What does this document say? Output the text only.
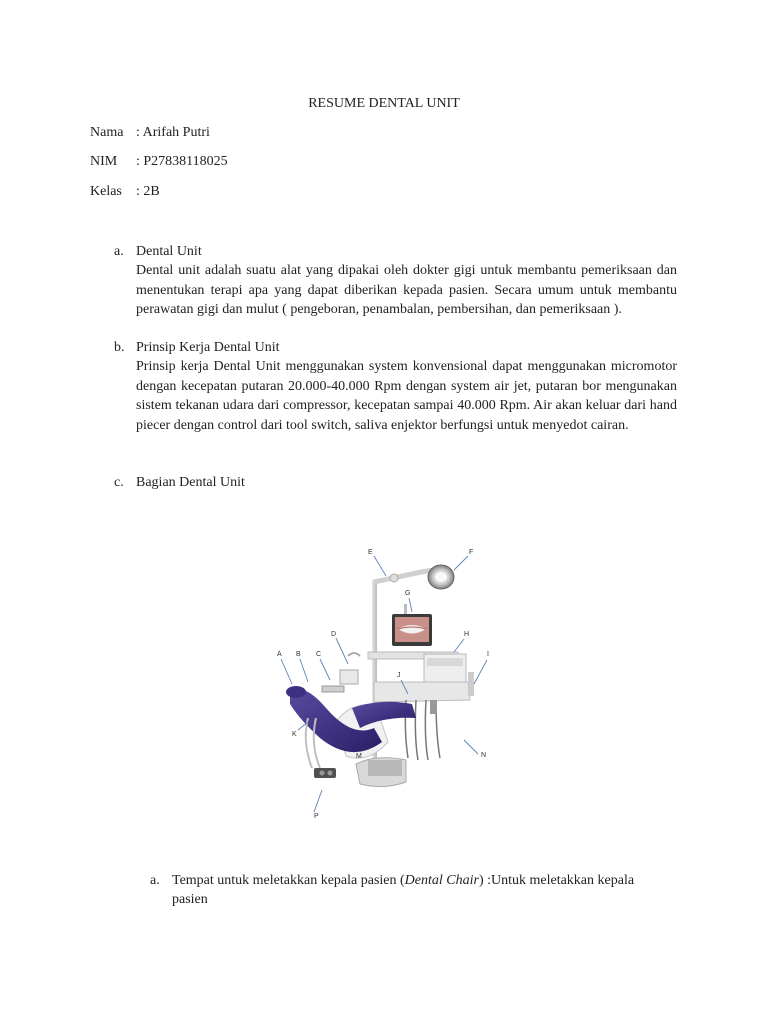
RESUME DENTAL UNIT
Nama : Arifah Putri
NIM : P27838118025
Kelas : 2B
a. Dental Unit
Dental unit adalah suatu alat yang dipakai oleh dokter gigi untuk membantu pemeriksaan dan menentukan terapi apa yang dapat diberikan kepada pasien. Secara umum untuk membantu perawatan gigi dan mulut ( pengeboran, penambalan, pembersihan, dan pemeriksaan ).
b. Prinsip Kerja Dental Unit
Prinsip kerja Dental Unit menggunakan system konvensional dapat menggunakan micromotor dengan kecepatan putaran 20.000-40.000 Rpm dengan system air jet, putaran bor mengunakan sistem tekanan udara dari compressor, kecepatan sampai 40.000 Rpm. Air akan keluar dari hand piecer dengan control dari tool switch, saliva enjektor berfungsi untuk menyedot cairan.
c. Bagian Dental Unit
E	F
G
D	H
A B C	I
J
K
M	N
P
a. Tempat untuk meletakkan kepala pasien (Dental Chair) :Untuk meletakkan kepala
pasien
